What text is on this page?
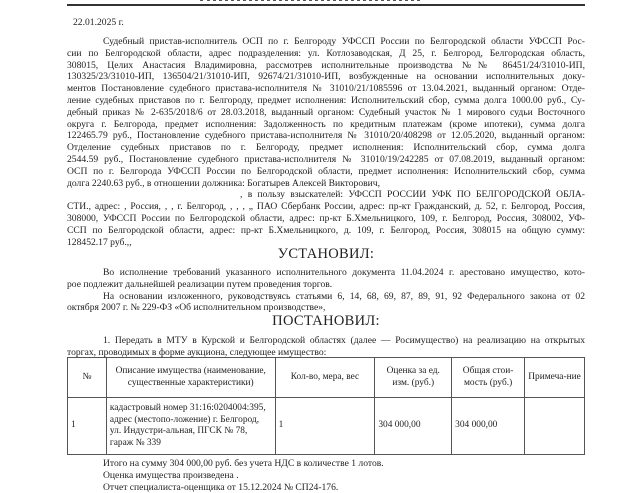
22.01.2025 г.
Судебный пристав-исполнитель ОСП по г. Белгороду УФССП России по Белгородской области УФССП Рос-
сии по Белгородской области, адрес подразделения: ул. Котлозаводская, Д 25, г. Белгород, Белгородская область,
308015, Целих Анастасия Владимировна, рассмотрев исполнительные производства №№ 86451/24/31010-ИП,
130325/23/31010-ИП, 136504/21/31010-ИП, 92674/21/31010-ИП, возбужденные на основании исполнительных доку-
ментов Постановление судебного пристава-исполнителя № 31010/21/1085596 от 13.04.2021, выданный органом: Отде-
ление судебных приставов по г. Белгороду, предмет исполнения: Исполнительский сбор, сумма долга 1000.00 руб., Су-
дебный приказ № 2-635/2018/6 от 28.03.2018, выданный органом: Судебный участок № 1 мирового судьи Восточного
округа г. Белгорода, предмет исполнения: Задолженность по кредитным платежам (кроме ипотеки), сумма долга
122465.79 руб., Постановление судебного пристава-исполнителя № 31010/20/408298 от 12.05.2020, выданный органом:
Отделение судебных приставов по г. Белгороду, предмет исполнения: Исполнительский сбор, сумма долга
2544.59 руб., Постановление судебного пристава-исполнителя № 31010/19/242285 от 07.08.2019, выданный органом:
ОСП по г. Белгорода УФССП России по Белгородской области, предмет исполнения: Исполнительский сбор, сумма
долга 2240.63 руб., в отношении должника: Богатырев Алексей Викторович,
, в пользу взыскателей: УФССП РОССИИ УФК ПО БЕЛГОРОДСКОЙ ОБЛА-
СТИ., адрес: , Россия, , , г. Белгород, , , , „ ПАО Сбербанк России, адрес: пр-кт Гражданский, д. 52, г. Белгород, Россия,
308000, УФССП России по Белгородской области, адрес: пр-кт Б.Хмельницкого, 109, г. Белгород, Россия, 308002, УФ-
ССП по Белгородской области, адрес: пр-кт Б.Хмельницкого, д. 109, г. Белгород, Россия, 308015 на общую сумму:
128452.17 руб.,,
УСТАНОВИЛ:
Во исполнение требований указанного исполнительного документа 11.04.2024 г. арестовано имущество, кото-
рое подлежит дальнейшей реализации путем проведения торгов.
На основании изложенного, руководствуясь статьями 6, 14, 68, 69, 87, 89, 91, 92 Федерального закона от 02
октября 2007 г. № 229-ФЗ «Об исполнительном производстве»,
ПОСТАНОВИЛ:
1. Передать в МТУ в Курской и Белгородской областях (далее — Росимущество) на реализацию на открытых
торгах, проводимых в форме аукциона, следующее имущество:
№	Описание имущества (наименование, существенные характеристики)	Кол-во, мера, вес	Оценка за ед. изм. (руб.)	Общая стои-мость (руб.)	Примеча-ние
1	кадастровый номер 31:16:0204004:395, адрес (местопо-ложение) г. Белгород, ул. Индустри-альная, ПГСК № 78, гараж № 339	1	304 000,00	304 000,00	
Итого на сумму 304 000,00 руб. без учета НДС в количестве 1 лотов.
Оценка имущества произведена .
Отчет специалиста-оценщика от 15.12.2024 № СП24-176.
